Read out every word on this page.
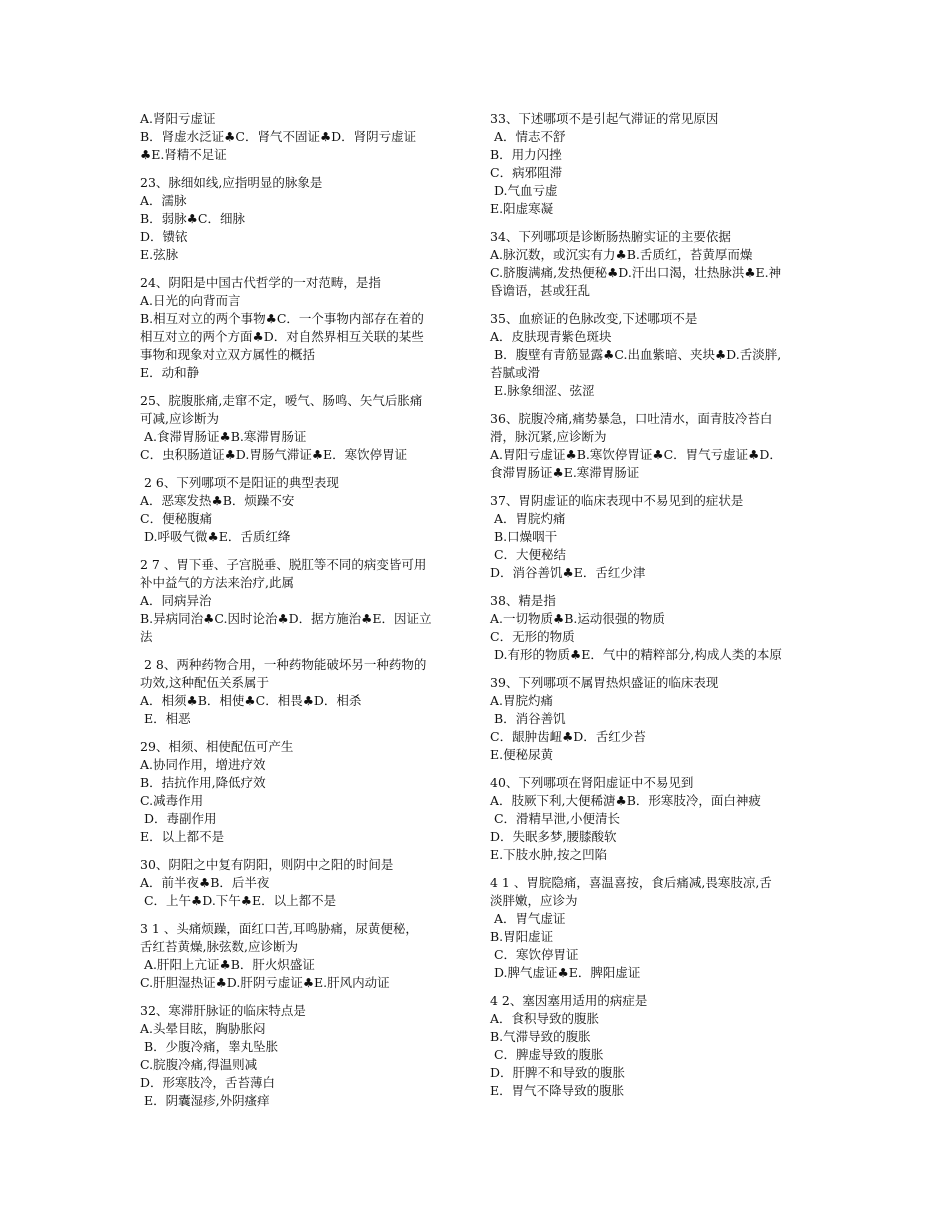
A.肾阳亏虚证
B．肾虚水泛证♣C．肾气不固证♣D．肾阴亏虚证
♣E.肾精不足证
23、脉细如线,应指明显的脉象是
A．濡脉
B．弱脉♣C．细脉
D．镄铱
E.弦脉
24、阴阳是中国古代哲学的一对范畴，是指
A.日光的向背而言
B.相互对立的两个事物♣C．一个事物内部存在着的
相互对立的两个方面♣D．对自然界相互关联的某些
事物和现象对立双方属性的概括
E．动和静
25、脘腹胀痛,走窜不定，嗳气、肠鸣、矢气后胀痛
可减,应诊断为
A.食滞胃肠证♣B.寒滞胃肠证
C．虫积肠道证♣D.胃肠气滞证♣E．寒饮停胃证
2 6、下列哪项不是阳证的典型表现
A．恶寒发热♣B．烦躁不安
C．便秘腹痛
D.呼吸气微♣E．舌质红绛
2 7 、胃下垂、子宫脱垂、脱肛等不同的病变皆可用
补中益气的方法来治疗,此属
A．同病异治
B.异病同治♣C.因时论治♣D．据方施治♣E．因证立
法
2 8、两种药物合用，一种药物能破坏另一种药物的
功效,这种配伍关系属于
A．相须♣B．相使♣C．相畏♣D．相杀
E．相恶
29、相须、相使配伍可产生
A.协同作用，增进疗效
B．拮抗作用,降低疗效
C.减毒作用
D．毒副作用
E．以上都不是
30、阴阳之中复有阴阳，则阴中之阳的时间是
A．前半夜♣B．后半夜
C．上午♣D.下午♣E．以上都不是
3 1 、头痛烦躁，面红口苦,耳鸣胁痛，尿黄便秘，
舌红苔黄燥,脉弦数,应诊断为
A.肝阳上亢证♣B．肝火炽盛证
C.肝胆湿热证♣D.肝阴亏虚证♣E.肝风内动证
32、寒滞肝脉证的临床特点是
A.头晕目眩，胸胁胀闷
B．少腹冷痛，睾丸坠胀
C.脘腹冷痛,得温则减
D．形寒肢冷，舌苔薄白
E．阴囊湿疹,外阴瘙痒
33、下述哪项不是引起气滞证的常见原因
A．情志不舒
B．用力闪挫
C．病邪阻滞
D.气血亏虚
E.阳虚寒凝
34、下列哪项是诊断肠热腑实证的主要依据
A.脉沉数，或沉实有力♣B.舌质红，苔黄厚而燥
C.脐腹满痛,发热便秘♣D.汗出口渴，壮热脉洪♣E.神
昏谵语，甚或狂乱
35、血瘀证的色脉改变,下述哪项不是
A．皮肤现青紫色斑块
B．腹壁有青筋显露♣C.出血紫暗、夹块♣D.舌淡胖,
苔腻或滑
E.脉象细涩、弦涩
36、脘腹冷痛,痛势暴急，口吐清水，面青肢冷苔白
滑，脉沉紧,应诊断为
A.胃阳亏虚证♣B.寒饮停胃证♣C．胃气亏虚证♣D．
食滞胃肠证♣E.寒滞胃肠证
37、胃阴虚证的临床表现中不易见到的症状是
A．胃脘灼痛
B.口燥咽干
C．大便秘结
D．消谷善饥♣E．舌红少津
38、精是指
A.一切物质♣B.运动很强的物质
C．无形的物质
D.有形的物质♣E．气中的精粹部分,构成人类的本原
39、下列哪项不属胃热炽盛证的临床表现
A.胃脘灼痛
B．消谷善饥
C．龈肿齿衄♣D．舌红少苔
E.便秘尿黄
40、下列哪项在肾阳虚证中不易见到
A．肢厥下利,大便稀溏♣B．形寒肢冷，面白神疲
C．滑精早泄,小便清长
D．失眠多梦,腰膝酸软
E.下肢水肿,按之凹陷
4 1 、胃脘隐痛，喜温喜按，食后痛减,畏寒肢凉,舌
淡胖嫩，应诊为
A．胃气虚证
B.胃阳虚证
C．寒饮停胃证
D.脾气虚证♣E．脾阳虚证
4 2、塞因塞用适用的病症是
A．食积导致的腹胀
B.气滞导致的腹胀
C．脾虚导致的腹胀
D．肝脾不和导致的腹胀
E．胃气不降导致的腹胀
